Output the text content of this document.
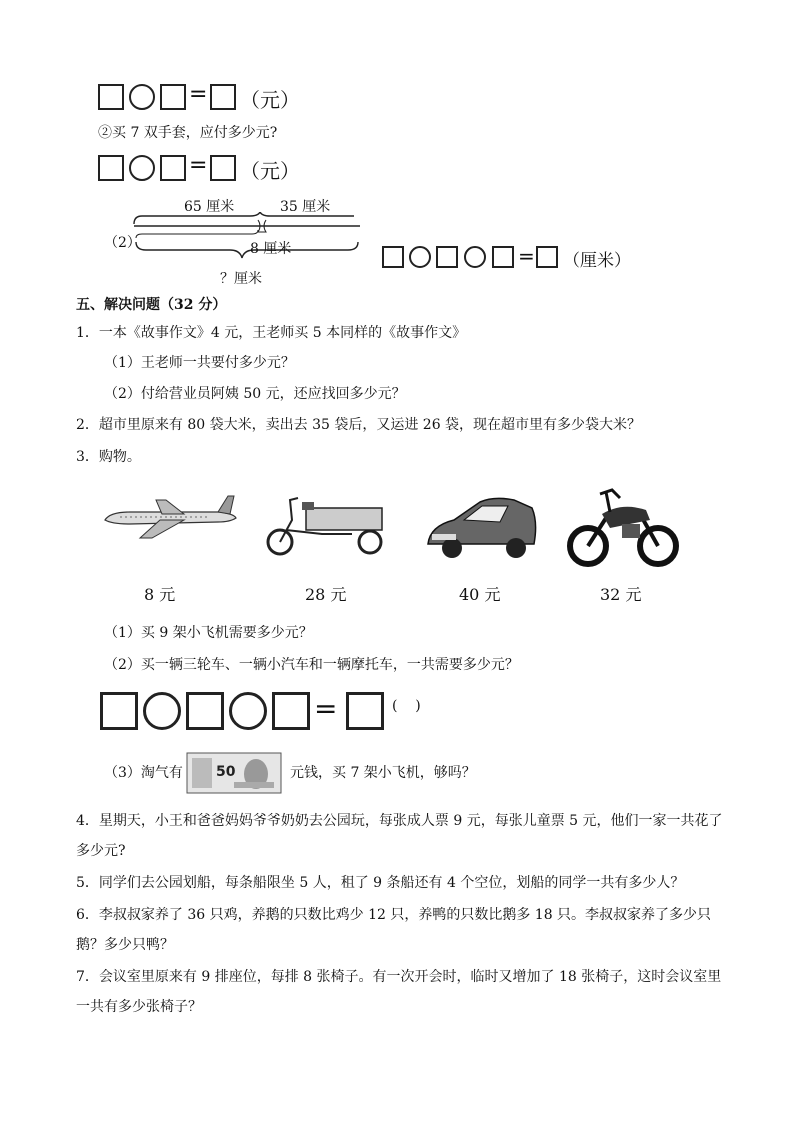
= （元）
②买 7 双手套，应付多少元?
= （元）
（2）
65 厘米	35 厘米
8 厘米
？厘米
= （厘米）
五、解决问题（32 分）
1．一本《故事作文》4 元，王老师买 5 本同样的《故事作文》
（1）王老师一共要付多少元？
（2）付给营业员阿姨 50 元，还应找回多少元？
2．超市里原来有 80 袋大米，卖出去 35 袋后，又运进 26 袋，现在超市里有多少袋大米？
3．购物。
8 元	28 元	40 元	32 元
（1）买 9 架小飞机需要多少元？
（2）买一辆三轮车、一辆小汽车和一辆摩托车，一共需要多少元？
=	(    )
（3）淘气有 50	元钱，买 7 架小飞机，够吗？
4．星期天，小王和爸爸妈妈爷爷奶奶去公园玩，每张成人票 9 元，每张儿童票 5 元，他们一家一共花了
多少元?
5．同学们去公园划船，每条船限坐 5 人，租了 9 条船还有 4 个空位，划船的同学一共有多少人？
6．李叔叔家养了 36 只鸡，养鹅的只数比鸡少 12 只，养鸭的只数比鹅多 18 只。李叔叔家养了多少只
鹅？多少只鸭？
7．会议室里原来有 9 排座位，每排 8 张椅子。有一次开会时，临时又增加了 18 张椅子，这时会议室里
一共有多少张椅子？
